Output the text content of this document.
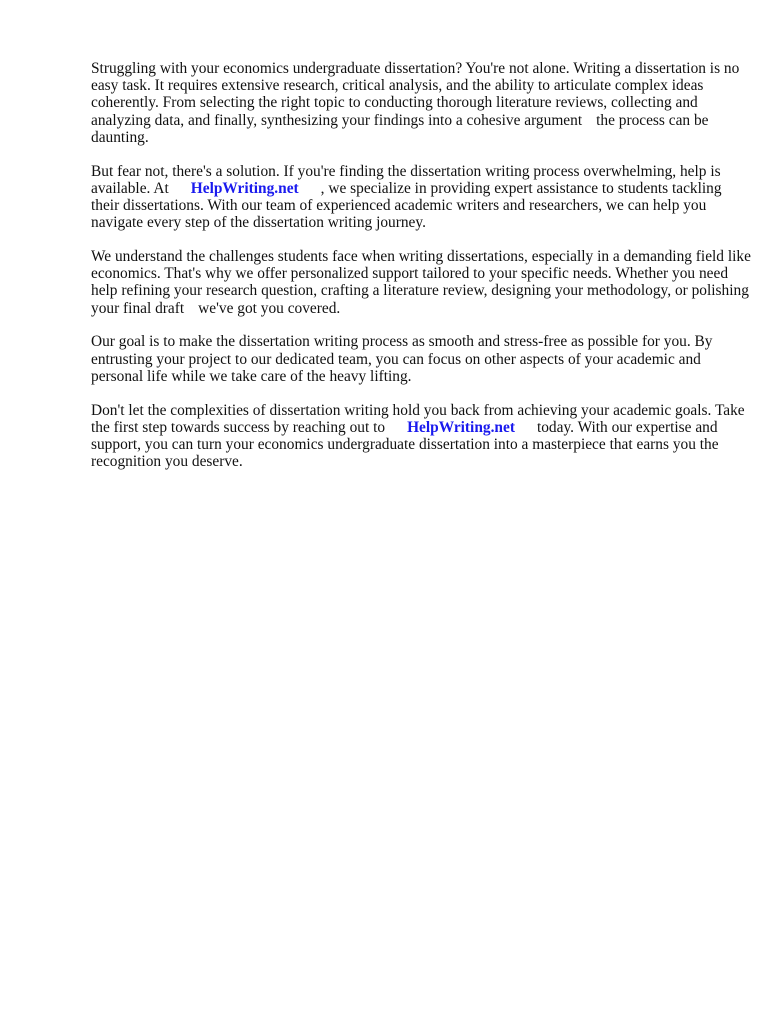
Struggling with your economics undergraduate dissertation? You're not alone. Writing a dissertation is no easy task. It requires extensive research, critical analysis, and the ability to articulate complex ideas coherently. From selecting the right topic to conducting thorough literature reviews, collecting and analyzing data, and finally, synthesizing your findings into a cohesive argument the process can be daunting.

But fear not, there's a solution. If you're finding the dissertation writing process overwhelming, help is available. At HelpWriting.net , we specialize in providing expert assistance to students tackling their dissertations. With our team of experienced academic writers and researchers, we can help you navigate every step of the dissertation writing journey.

We understand the challenges students face when writing dissertations, especially in a demanding field like economics. That's why we offer personalized support tailored to your specific needs. Whether you need help refining your research question, crafting a literature review, designing your methodology, or polishing your final draft we've got you covered.

Our goal is to make the dissertation writing process as smooth and stress-free as possible for you. By entrusting your project to our dedicated team, you can focus on other aspects of your academic and personal life while we take care of the heavy lifting.

Don't let the complexities of dissertation writing hold you back from achieving your academic goals. Take the first step towards success by reaching out to HelpWriting.net today. With our expertise and support, you can turn your economics undergraduate dissertation into a masterpiece that earns you the recognition you deserve.
